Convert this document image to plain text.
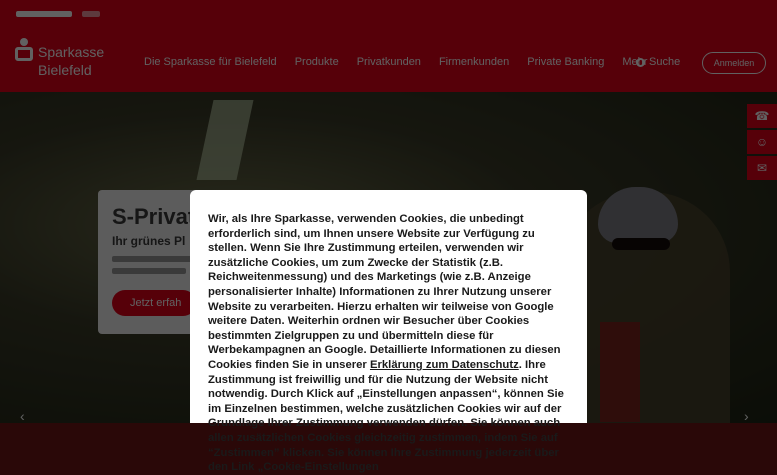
Wir, als Ihre Sparkasse, verwenden Cookies, die unbedingt erforderlich sind, um Ihnen unsere Website zur Verfügung zu stellen. Wenn Sie Ihre Zustimmung erteilen, verwenden wir zusätzliche Cookies, um zum Zwecke der Statistik (z.B. Reichweitenmessung) und des Marketings (wie z.B. Anzeige personalisierter Inhalte) Informationen zu Ihrer Nutzung unserer Website zu verarbeiten. Hierzu erhalten wir teilweise von Google weitere Daten. Weiterhin ordnen wir Besucher über Cookies bestimmten Zielgruppen zu und übermitteln diese für Werbekampagnen an Google. Detaillierte Informationen zu diesen Cookies finden Sie in unserer Erklärung zum Datenschutz. Ihre Zustimmung ist freiwillig und für die Nutzung der Website nicht notwendig. Durch Klick auf „Einstellungen anpassen“, können Sie im Einzelnen bestimmen, welche zusätzlichen Cookies wir auf der Grundlage Ihrer Zustimmung verwenden dürfen. Sie können auch allen zusätzlichen Cookies gleichzeitig zustimmen, indem Sie auf “Zustimmen” klicken. Sie können Ihre Zustimmung jederzeit über den Link „Cookie-Einstellungen
